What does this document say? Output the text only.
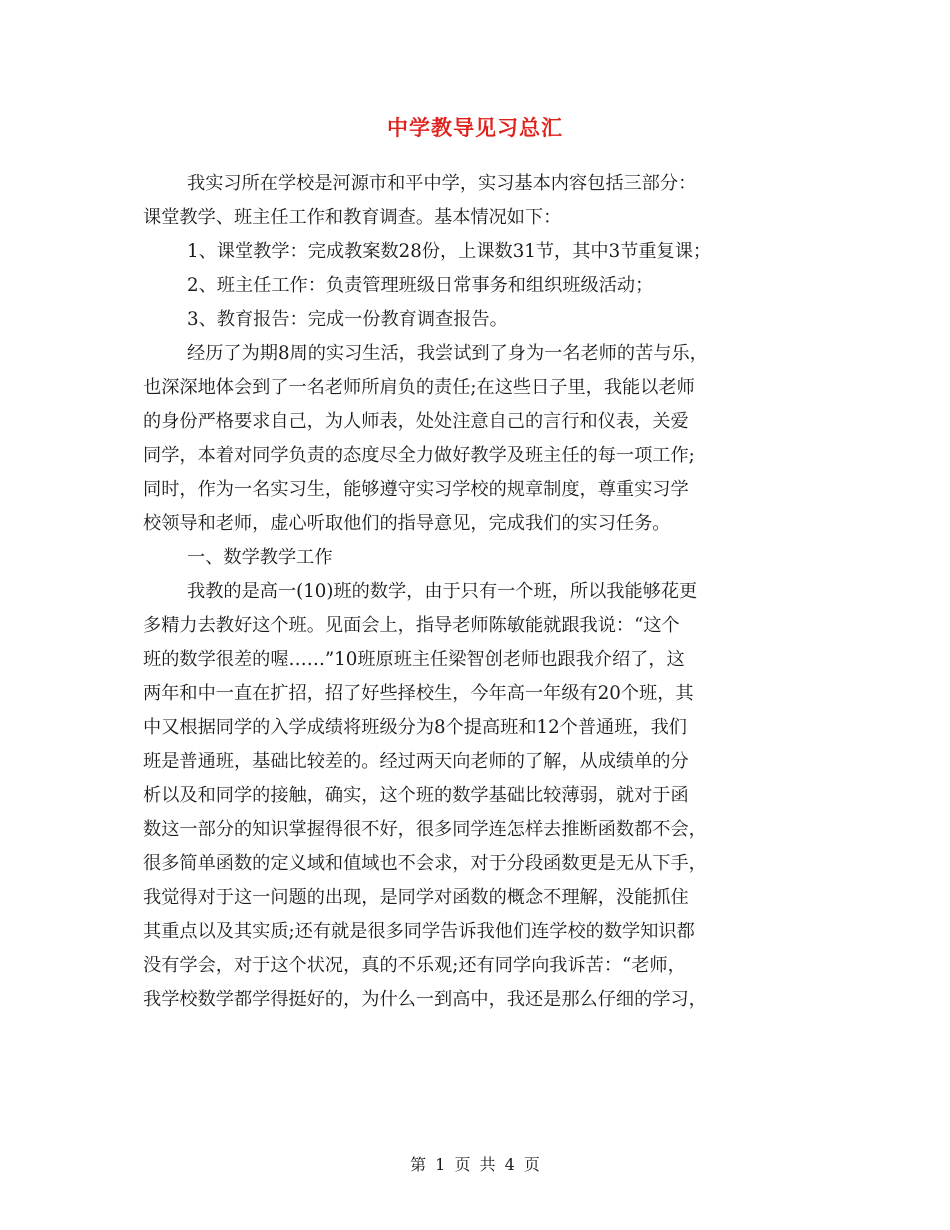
中学教导见习总汇
我实习所在学校是河源市和平中学，实习基本内容包括三部分：
课堂教学、班主任工作和教育调查。基本情况如下：
1、课堂教学：完成教案数28份，上课数31节，其中3节重复课；
2、班主任工作：负责管理班级日常事务和组织班级活动；
3、教育报告：完成一份教育调查报告。
经历了为期8周的实习生活，我尝试到了身为一名老师的苦与乐，
也深深地体会到了一名老师所肩负的责任;在这些日子里，我能以老师
的身份严格要求自己，为人师表，处处注意自己的言行和仪表，关爱
同学，本着对同学负责的态度尽全力做好教学及班主任的每一项工作;
同时，作为一名实习生，能够遵守实习学校的规章制度，尊重实习学
校领导和老师，虚心听取他们的指导意见，完成我们的实习任务。
一、数学教学工作
我教的是高一(10)班的数学，由于只有一个班，所以我能够花更
多精力去教好这个班。见面会上，指导老师陈敏能就跟我说：“这个
班的数学很差的喔……”10班原班主任梁智创老师也跟我介绍了，这
两年和中一直在扩招，招了好些择校生，今年高一年级有20个班，其
中又根据同学的入学成绩将班级分为8个提高班和12个普通班，我们
班是普通班，基础比较差的。经过两天向老师的了解，从成绩单的分
析以及和同学的接触，确实，这个班的数学基础比较薄弱，就对于函
数这一部分的知识掌握得很不好，很多同学连怎样去推断函数都不会，
很多简单函数的定义域和值域也不会求，对于分段函数更是无从下手，
我觉得对于这一问题的出现，是同学对函数的概念不理解，没能抓住
其重点以及其实质;还有就是很多同学告诉我他们连学校的数学知识都
没有学会，对于这个状况，真的不乐观;还有同学向我诉苦：“老师，
我学校数学都学得挺好的，为什么一到高中，我还是那么仔细的学习，
第 1 页 共 4 页
